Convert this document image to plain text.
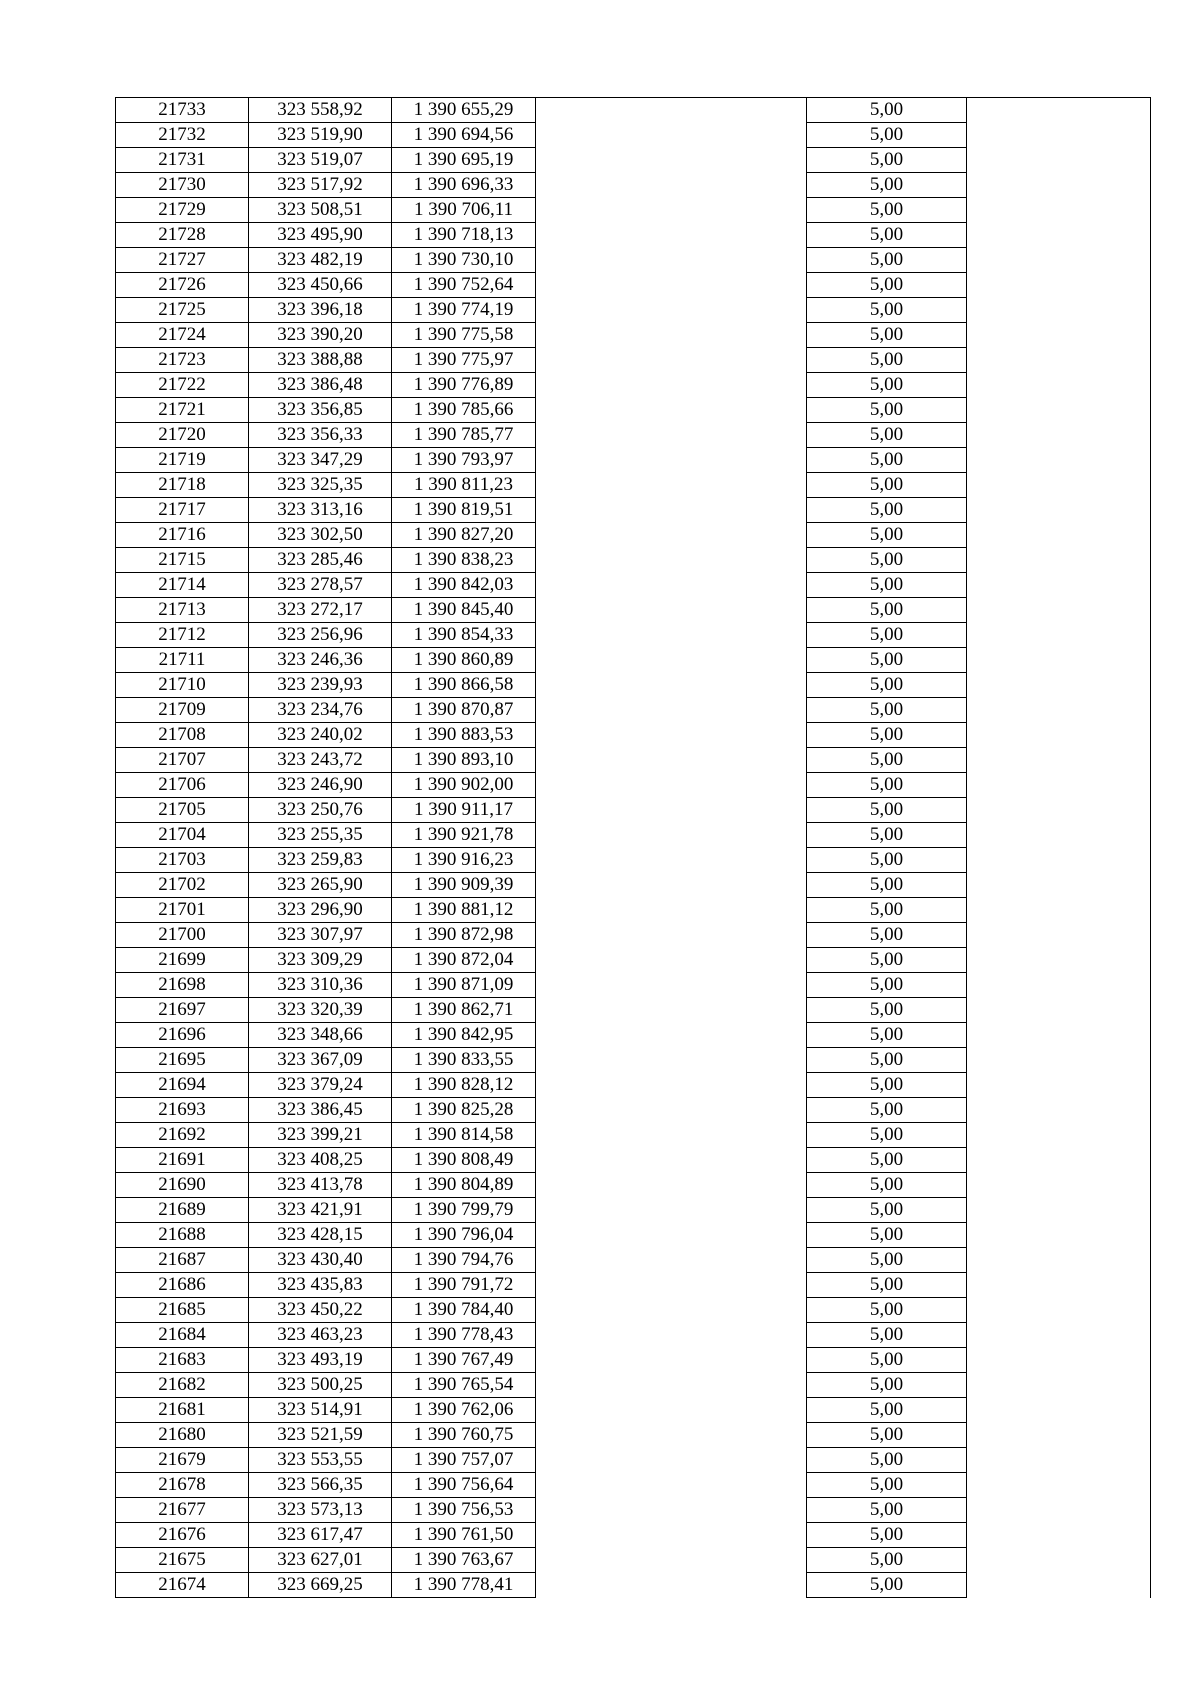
21733	323 558,92	1 390 655,29		5,00	
21732	323 519,90	1 390 694,56		5,00	
21731	323 519,07	1 390 695,19		5,00	
21730	323 517,92	1 390 696,33		5,00	
21729	323 508,51	1 390 706,11		5,00	
21728	323 495,90	1 390 718,13		5,00	
21727	323 482,19	1 390 730,10		5,00	
21726	323 450,66	1 390 752,64		5,00	
21725	323 396,18	1 390 774,19		5,00	
21724	323 390,20	1 390 775,58		5,00	
21723	323 388,88	1 390 775,97		5,00	
21722	323 386,48	1 390 776,89		5,00	
21721	323 356,85	1 390 785,66		5,00	
21720	323 356,33	1 390 785,77		5,00	
21719	323 347,29	1 390 793,97		5,00	
21718	323 325,35	1 390 811,23		5,00	
21717	323 313,16	1 390 819,51		5,00	
21716	323 302,50	1 390 827,20		5,00	
21715	323 285,46	1 390 838,23		5,00	
21714	323 278,57	1 390 842,03		5,00	
21713	323 272,17	1 390 845,40		5,00	
21712	323 256,96	1 390 854,33		5,00	
21711	323 246,36	1 390 860,89		5,00	
21710	323 239,93	1 390 866,58		5,00	
21709	323 234,76	1 390 870,87		5,00	
21708	323 240,02	1 390 883,53		5,00	
21707	323 243,72	1 390 893,10		5,00	
21706	323 246,90	1 390 902,00		5,00	
21705	323 250,76	1 390 911,17		5,00	
21704	323 255,35	1 390 921,78		5,00	
21703	323 259,83	1 390 916,23		5,00	
21702	323 265,90	1 390 909,39		5,00	
21701	323 296,90	1 390 881,12		5,00	
21700	323 307,97	1 390 872,98		5,00	
21699	323 309,29	1 390 872,04		5,00	
21698	323 310,36	1 390 871,09		5,00	
21697	323 320,39	1 390 862,71		5,00	
21696	323 348,66	1 390 842,95		5,00	
21695	323 367,09	1 390 833,55		5,00	
21694	323 379,24	1 390 828,12		5,00	
21693	323 386,45	1 390 825,28		5,00	
21692	323 399,21	1 390 814,58		5,00	
21691	323 408,25	1 390 808,49		5,00	
21690	323 413,78	1 390 804,89		5,00	
21689	323 421,91	1 390 799,79		5,00	
21688	323 428,15	1 390 796,04		5,00	
21687	323 430,40	1 390 794,76		5,00	
21686	323 435,83	1 390 791,72		5,00	
21685	323 450,22	1 390 784,40		5,00	
21684	323 463,23	1 390 778,43		5,00	
21683	323 493,19	1 390 767,49		5,00	
21682	323 500,25	1 390 765,54		5,00	
21681	323 514,91	1 390 762,06		5,00	
21680	323 521,59	1 390 760,75		5,00	
21679	323 553,55	1 390 757,07		5,00	
21678	323 566,35	1 390 756,64		5,00	
21677	323 573,13	1 390 756,53		5,00	
21676	323 617,47	1 390 761,50		5,00	
21675	323 627,01	1 390 763,67		5,00	
21674	323 669,25	1 390 778,41		5,00	
